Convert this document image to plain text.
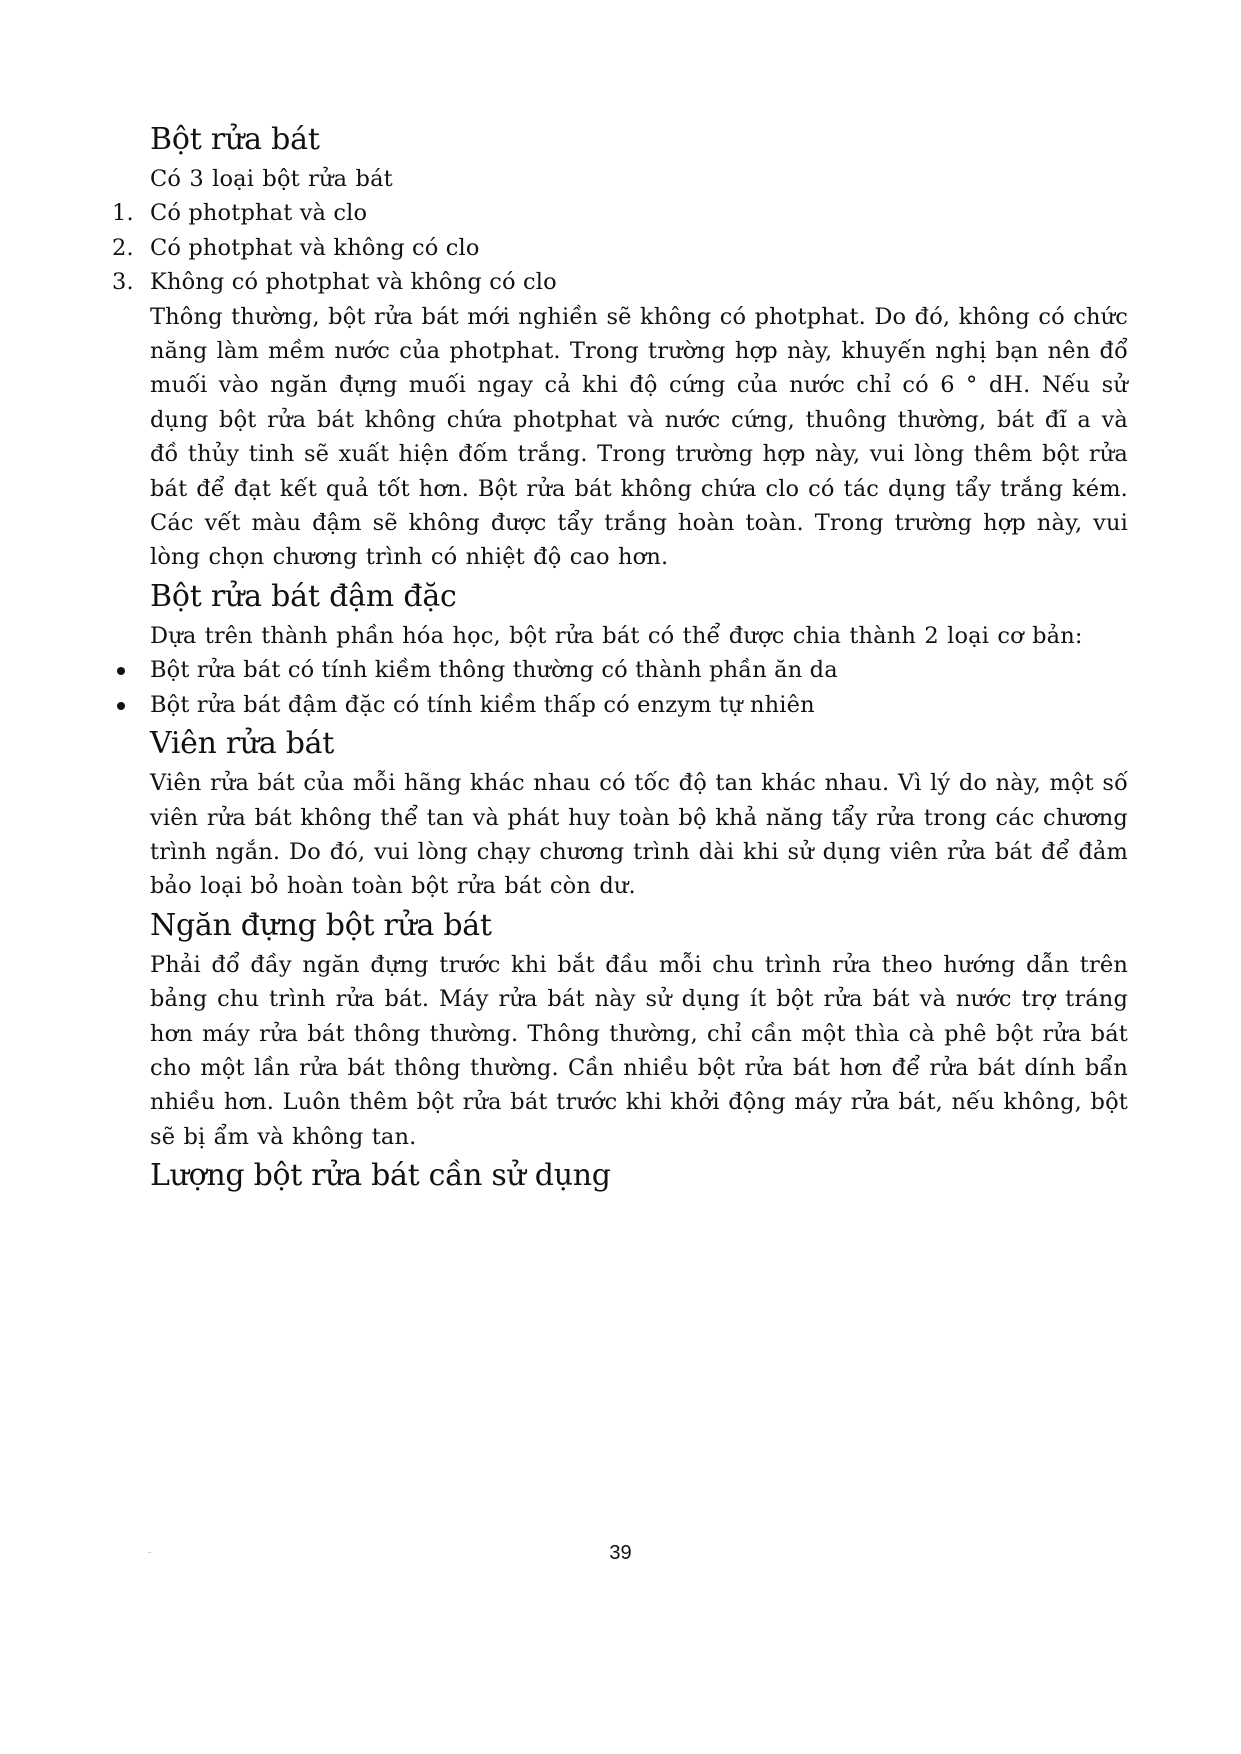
Bột rửa bát

Có 3 loại bột rửa bát

1. Có photphat và clo
2. Có photphat và không có clo
3. Không có photphat và không có clo

Thông thường, bột rửa bát mới nghiền sẽ không có photphat. Do đó, không có chức năng làm mềm nước của photphat. Trong trường hợp này, khuyến nghị bạn nên đổ muối vào ngăn đựng muối ngay cả khi độ cứng của nước chỉ có 6 ° dH. Nếu sử dụng bột rửa bát không chứa photphat và nước cứng, thuông thường, bát đĩ a và đồ thủy tinh sẽ xuất hiện đốm trắng. Trong trường hợp này, vui lòng thêm bột rửa bát để đạt kết quả tốt hơn. Bột rửa bát không chứa clo có tác dụng tẩy trắng kém. Các vết màu đậm sẽ không được tẩy trắng hoàn toàn. Trong trường hợp này, vui lòng chọn chương trình có nhiệt độ cao hơn.

Bột rửa bát đậm đặc

Dựa trên thành phần hóa học, bột rửa bát có thể được chia thành 2 loại cơ bản:

Bột rửa bát có tính kiềm thông thường có thành phần ăn da
Bột rửa bát đậm đặc có tính kiềm thấp có enzym tự nhiên
Viên rửa bát

Viên rửa bát của mỗi hãng khác nhau có tốc độ tan khác nhau. Vì lý do này, một số viên rửa bát không thể tan và phát huy toàn bộ khả năng tẩy rửa trong các chương trình ngắn. Do đó, vui lòng chạy chương trình dài khi sử dụng viên rửa bát để đảm bảo loại bỏ hoàn toàn bột rửa bát còn dư.

Ngăn đựng bột rửa bát

Phải đổ đầy ngăn đựng trước khi bắt đầu mỗi chu trình rửa theo hướng dẫn trên bảng chu trình rửa bát. Máy rửa bát này sử dụng ít bột rửa bát và nước trợ tráng hơn máy rửa bát thông thường. Thông thường, chỉ cần một thìa cà phê bột rửa bát cho một lần rửa bát thông thường. Cần nhiều bột rửa bát hơn để rửa bát dính bẩn nhiều hơn. Luôn thêm bột rửa bát trước khi khởi động máy rửa bát, nếu không, bột sẽ bị ẩm và không tan.

Lượng bột rửa bát cần sử dụng
..	39
